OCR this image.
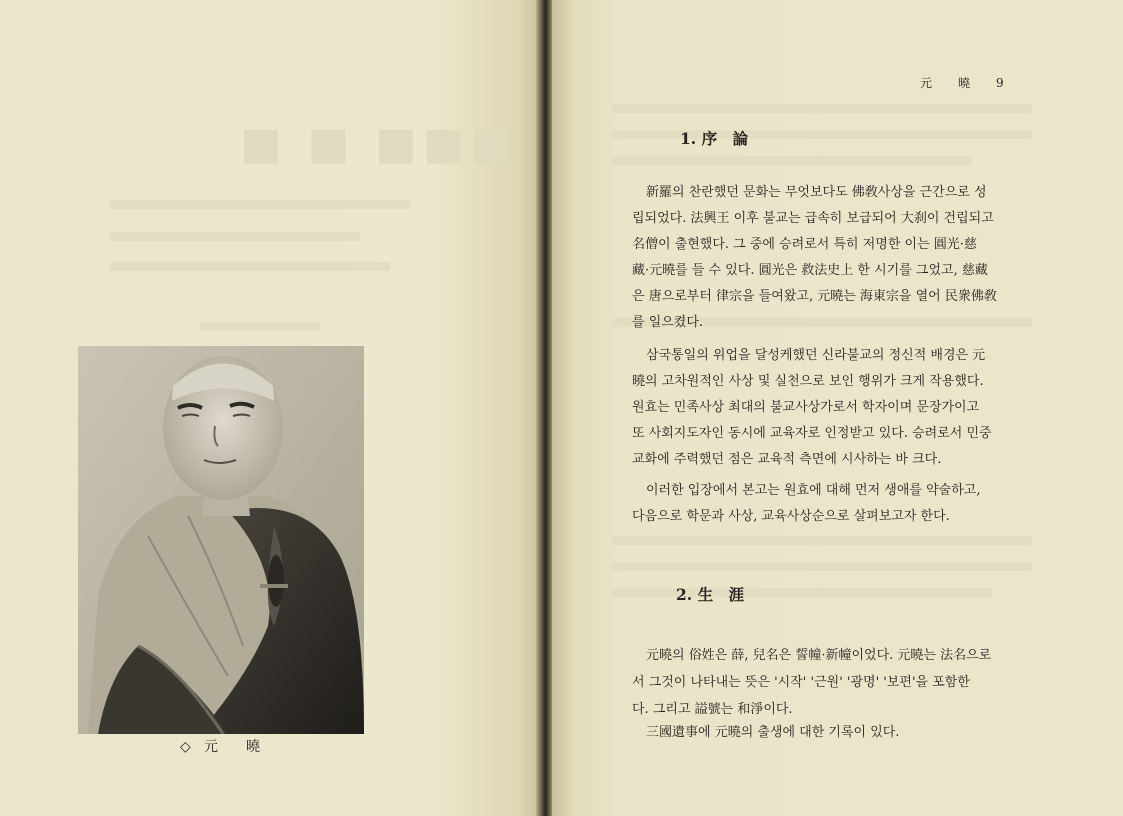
■ ■ ■■■
◇ 元曉
元曉9
1. 序　論
新羅의 찬란했던 문화는 무엇보다도 佛敎사상을 근간으로 성
립되었다. 法興王 이후 불교는 급속히 보급되어 大刹이 건립되고
名僧이 출현했다. 그 중에 승려로서 특히 저명한 이는 圓光·慈
藏·元曉를 들 수 있다. 圓光은 救法史上 한 시기를 그었고, 慈藏
은 唐으로부터 律宗을 들여왔고, 元曉는 海東宗을 열어 民衆佛敎
를 일으켰다.
삼국통일의 위업을 달성케했던 신라불교의 정신적 배경은 元
曉의 고차원적인 사상 및 실천으로 보인 행위가 크게 작용했다.
원효는 민족사상 최대의 불교사상가로서 학자이며 문장가이고
또 사회지도자인 동시에 교육자로 인정받고 있다. 승려로서 민중
교화에 주력했던 점은 교육적 측면에 시사하는 바 크다.
이러한 입장에서 본고는 원효에 대해 먼저 생애를 약술하고,
다음으로 학문과 사상, 교육사상순으로 살펴보고자 한다.
2. 生　涯
元曉의 俗姓은 薛, 兒名은 誓幢·新幢이었다. 元曉는 法名으로
서 그것이 나타내는 뜻은 '시작' '근원' '광명' '보편'을 포함한
다. 그리고 謚號는 和淨이다.
三國遺事에 元曉의 출생에 대한 기록이 있다.
